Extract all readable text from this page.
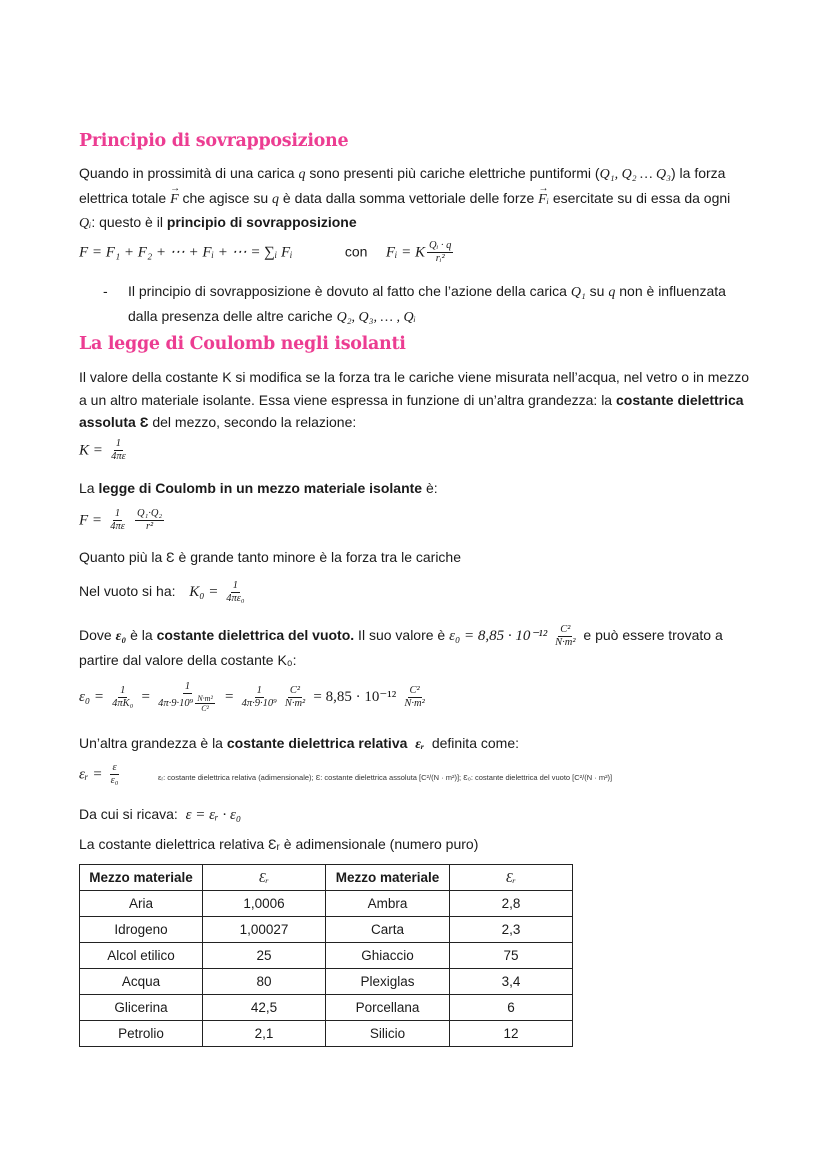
Principio di sovrapposizione
Quando in prossimità di una carica q sono presenti più cariche elettriche puntiformi (Q₁, Q₂ … Q₃) la forza
elettrica totale → F che agisce su q è data dalla somma vettoriale delle forze → Fᵢ esercitate su di essa da ogni
Qᵢ: questo è il principio di sovrapposizione
F = F₁ + F₂ + ⋯ + Fᵢ + ⋯ = ∑ᵢ Fᵢ	con Fᵢ = K $\frac{\text{Qᵢ · q}}{\text{rᵢ²}}$
- Il principio di sovrapposizione è dovuto al fatto che l’azione della carica Q₁ su q non è influenzata
dalla presenza delle altre cariche Q₂, Q₃, … , Qᵢ
La legge di Coulomb negli isolanti
Il valore della costante K si modifica se la forza tra le cariche viene misurata nell’acqua, nel vetro o in mezzo
a un altro materiale isolante. Essa viene espressa in funzione di un’altra grandezza: la costante dielettrica
assoluta Ɛ del mezzo, secondo la relazione:
$K = \frac{1}{4\pi\varepsilon}$
La legge di Coulomb in un mezzo materiale isolante è:
$F = \frac{1}{4\pi\varepsilon}$
$\frac{\text{Q₁·Q₂}}{\text{r²}}$
Quanto più la Ɛ è grande tanto minore è la forza tra le cariche
Nel vuoto si ha: $K_0 = \frac{1}{\text{4πε₀}}$
Dove ε₀ è la costante dielettrica del vuoto. Il suo valore è $\varepsilon_0 = 8,85 \cdot 10^{-12} \frac{\text{C²}}{\text{N·m²}}$ e può essere trovato a
partire dal valore della costante K₀:
$\varepsilon_0 = \frac{1}{\text{4πK₀}} = \frac{1}{4\pi\cdot 9\cdot 10^9 \frac{\text{N·m²}}{\text{C²}}} = \frac{1}{\text{4π·9·10⁹}} \frac{\text{C²}}{\text{N·m²}} = 8,85 \cdot 10^{-12} \frac{\text{C²}}{\text{N·m²}}$
Un’altra grandezza è la costante dielettrica relativa εᵣ  definita come:
εᵣ = $\frac{\varepsilon}{\text{ε₀}}$	εᵣ: costante dielettrica relativa (adimensionale); Ɛ: costante dielettrica assoluta [C²/(N · m²)]; Ɛ₀: costante dielettrica del vuoto [C²/(N · m²)]
Da cui si ricava: ε = εᵣ · ε₀
La costante dielettrica relativa Ɛᵣ è adimensionale (numero puro)
Mezzo materiale	Ɛᵣ	Mezzo materiale	Ɛᵣ
Aria	1,0006	Ambra	2,8
Idrogeno	1,00027	Carta	2,3
Alcol etilico	25	Ghiaccio	75
Acqua	80	Plexiglas	3,4
Glicerina	42,5	Porcellana	6
Petrolio	2,1	Silicio	12
